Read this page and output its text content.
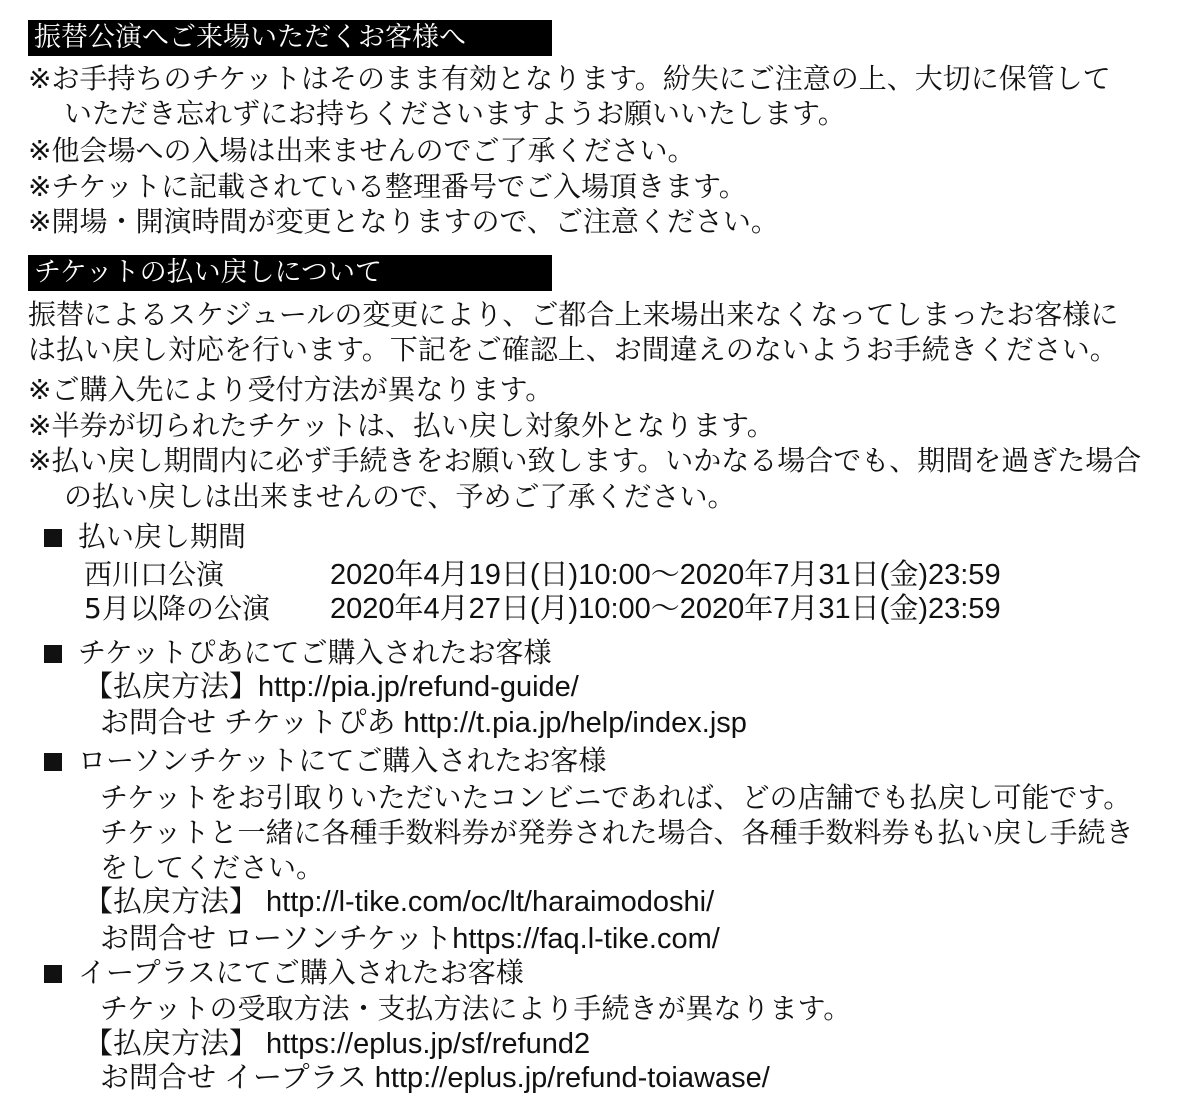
振替公演へご来場いただくお客様へ
※お手持ちのチケットはそのまま有効となります。紛失にご注意の上、大切に保管して
いただき忘れずにお持ちくださいますようお願いいたします。
※他会場への入場は出来ませんのでご了承ください。
※チケットに記載されている整理番号でご入場頂きます。
※開場・開演時間が変更となりますので、ご注意ください。
チケットの払い戻しについて
振替によるスケジュールの変更により、ご都合上来場出来なくなってしまったお客様に
は払い戻し対応を行います。下記をご確認上、お間違えのないようお手続きください。
※ご購入先により受付方法が異なります。
※半券が切られたチケットは、払い戻し対象外となります。
※払い戻し期間内に必ず手続きをお願い致します。いかなる場合でも、期間を過ぎた場合
の払い戻しは出来ませんので、予めご了承ください。
払い戻し期間
西川口公演	2020年4月19日(日)10:00〜2020年7月31日(金)23:59
5月以降の公演 2020年4月27日(月)10:00〜2020年7月31日(金)23:59
チケットぴあにてご購入されたお客様
【払戻方法】http://pia.jp/refund-guide/
お問合せ チケットぴあ http://t.pia.jp/help/index.jsp
ローソンチケットにてご購入されたお客様
チケットをお引取りいただいたコンビニであれば、どの店舗でも払戻し可能です。
チケットと一緒に各種手数料券が発券された場合、各種手数料券も払い戻し手続き
をしてください。
【払戻方法】 http://l-tike.com/oc/lt/haraimodoshi/
お問合せ ローソンチケットhttps://faq.l-tike.com/
イープラスにてご購入されたお客様
チケットの受取方法・支払方法により手続きが異なります。
【払戻方法】 https://eplus.jp/sf/refund2
お問合せ イープラス http://eplus.jp/refund-toiawase/
